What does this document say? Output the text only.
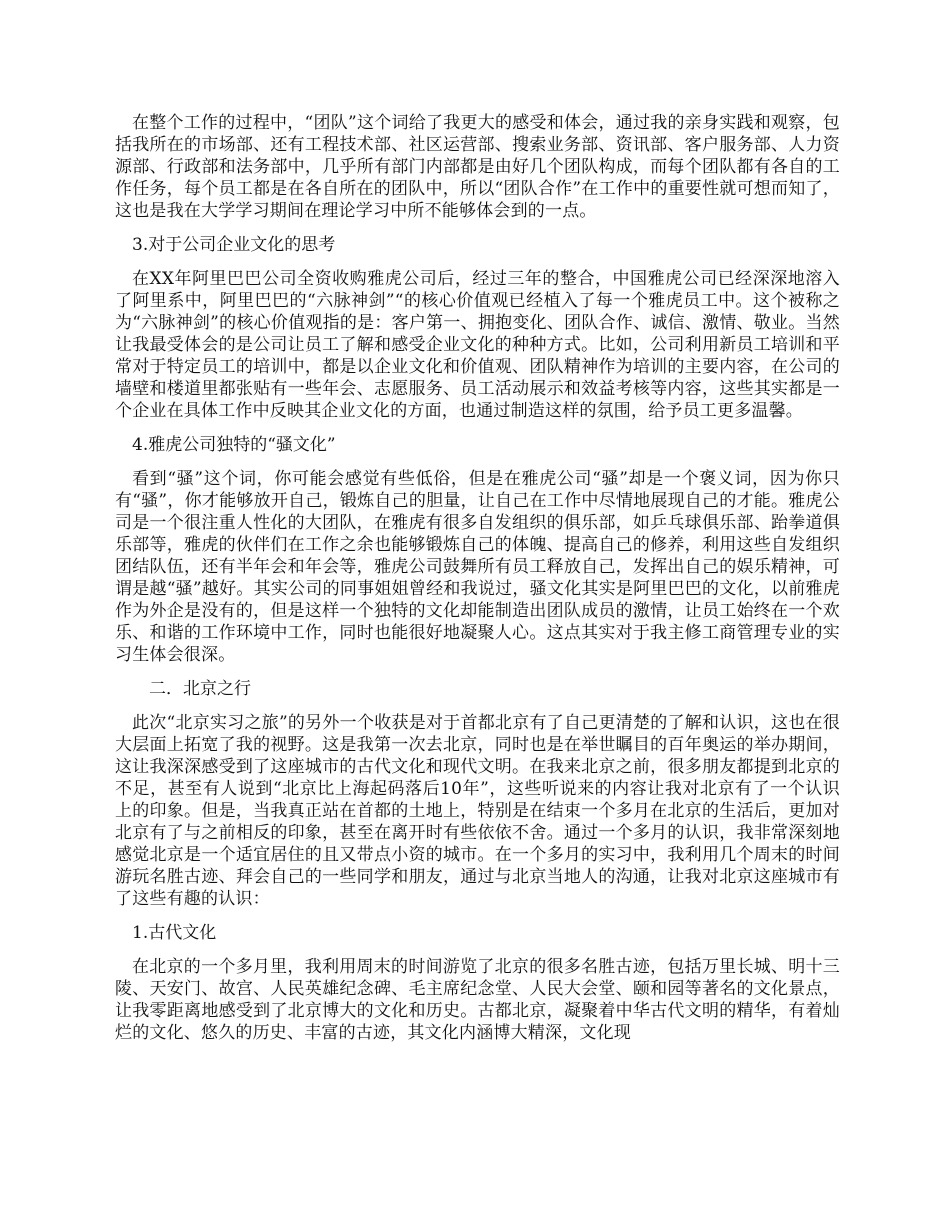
在整个工作的过程中，“团队”这个词给了我更大的感受和体会，通过我的亲身实践和观察，包括我所在的市场部、还有工程技术部、社区运营部、搜索业务部、资讯部、客户服务部、人力资源部、行政部和法务部中，几乎所有部门内部都是由好几个团队构成，而每个团队都有各自的工作任务，每个员工都是在各自所在的团队中，所以“团队合作”在工作中的重要性就可想而知了，这也是我在大学学习期间在理论学习中所不能够体会到的一点。

3.对于公司企业文化的思考

在XX年阿里巴巴公司全资收购雅虎公司后，经过三年的整合，中国雅虎公司已经深深地溶入了阿里系中，阿里巴巴的“六脉神剑”“的核心价值观已经植入了每一个雅虎员工中。这个被称之为“六脉神剑”的核心价值观指的是：客户第一、拥抱变化、团队合作、诚信、激情、敬业。当然让我最受体会的是公司让员工了解和感受企业文化的种种方式。比如，公司利用新员工培训和平常对于特定员工的培训中，都是以企业文化和价值观、团队精神作为培训的主要内容，在公司的墙壁和楼道里都张贴有一些年会、志愿服务、员工活动展示和效益考核等内容，这些其实都是一个企业在具体工作中反映其企业文化的方面，也通过制造这样的氛围，给予员工更多温馨。

4.雅虎公司独特的“骚文化”

看到“骚”这个词，你可能会感觉有些低俗，但是在雅虎公司“骚”却是一个褒义词，因为你只有“骚”，你才能够放开自己，锻炼自己的胆量，让自己在工作中尽情地展现自己的才能。雅虎公司是一个很注重人性化的大团队，在雅虎有很多自发组织的俱乐部，如乒乓球俱乐部、跆拳道俱乐部等，雅虎的伙伴们在工作之余也能够锻炼自己的体魄、提高自己的修养，利用这些自发组织团结队伍，还有半年会和年会等，雅虎公司鼓舞所有员工释放自己，发挥出自己的娱乐精神，可谓是越“骚”越好。其实公司的同事姐姐曾经和我说过，骚文化其实是阿里巴巴的文化，以前雅虎作为外企是没有的，但是这样一个独特的文化却能制造出团队成员的激情，让员工始终在一个欢乐、和谐的工作环境中工作，同时也能很好地凝聚人心。这点其实对于我主修工商管理专业的实习生体会很深。

二．北京之行

此次“北京实习之旅”的另外一个收获是对于首都北京有了自己更清楚的了解和认识，这也在很大层面上拓宽了我的视野。这是我第一次去北京，同时也是在举世瞩目的百年奥运的举办期间，这让我深深感受到了这座城市的古代文化和现代文明。在我来北京之前，很多朋友都提到北京的不足，甚至有人说到“北京比上海起码落后10年”，这些听说来的内容让我对北京有了一个认识上的印象。但是，当我真正站在首都的土地上，特别是在结束一个多月在北京的生活后，更加对北京有了与之前相反的印象，甚至在离开时有些依依不舍。通过一个多月的认识，我非常深刻地感觉北京是一个适宜居住的且又带点小资的城市。在一个多月的实习中，我利用几个周末的时间游玩名胜古迹、拜会自己的一些同学和朋友，通过与北京当地人的沟通，让我对北京这座城市有了这些有趣的认识：

1.古代文化

在北京的一个多月里，我利用周末的时间游览了北京的很多名胜古迹，包括万里长城、明十三陵、天安门、故宫、人民英雄纪念碑、毛主席纪念堂、人民大会堂、颐和园等著名的文化景点，让我零距离地感受到了北京博大的文化和历史。古都北京，凝聚着中华古代文明的精华，有着灿烂的文化、悠久的历史、丰富的古迹，其文化内涵博大精深，文化现
